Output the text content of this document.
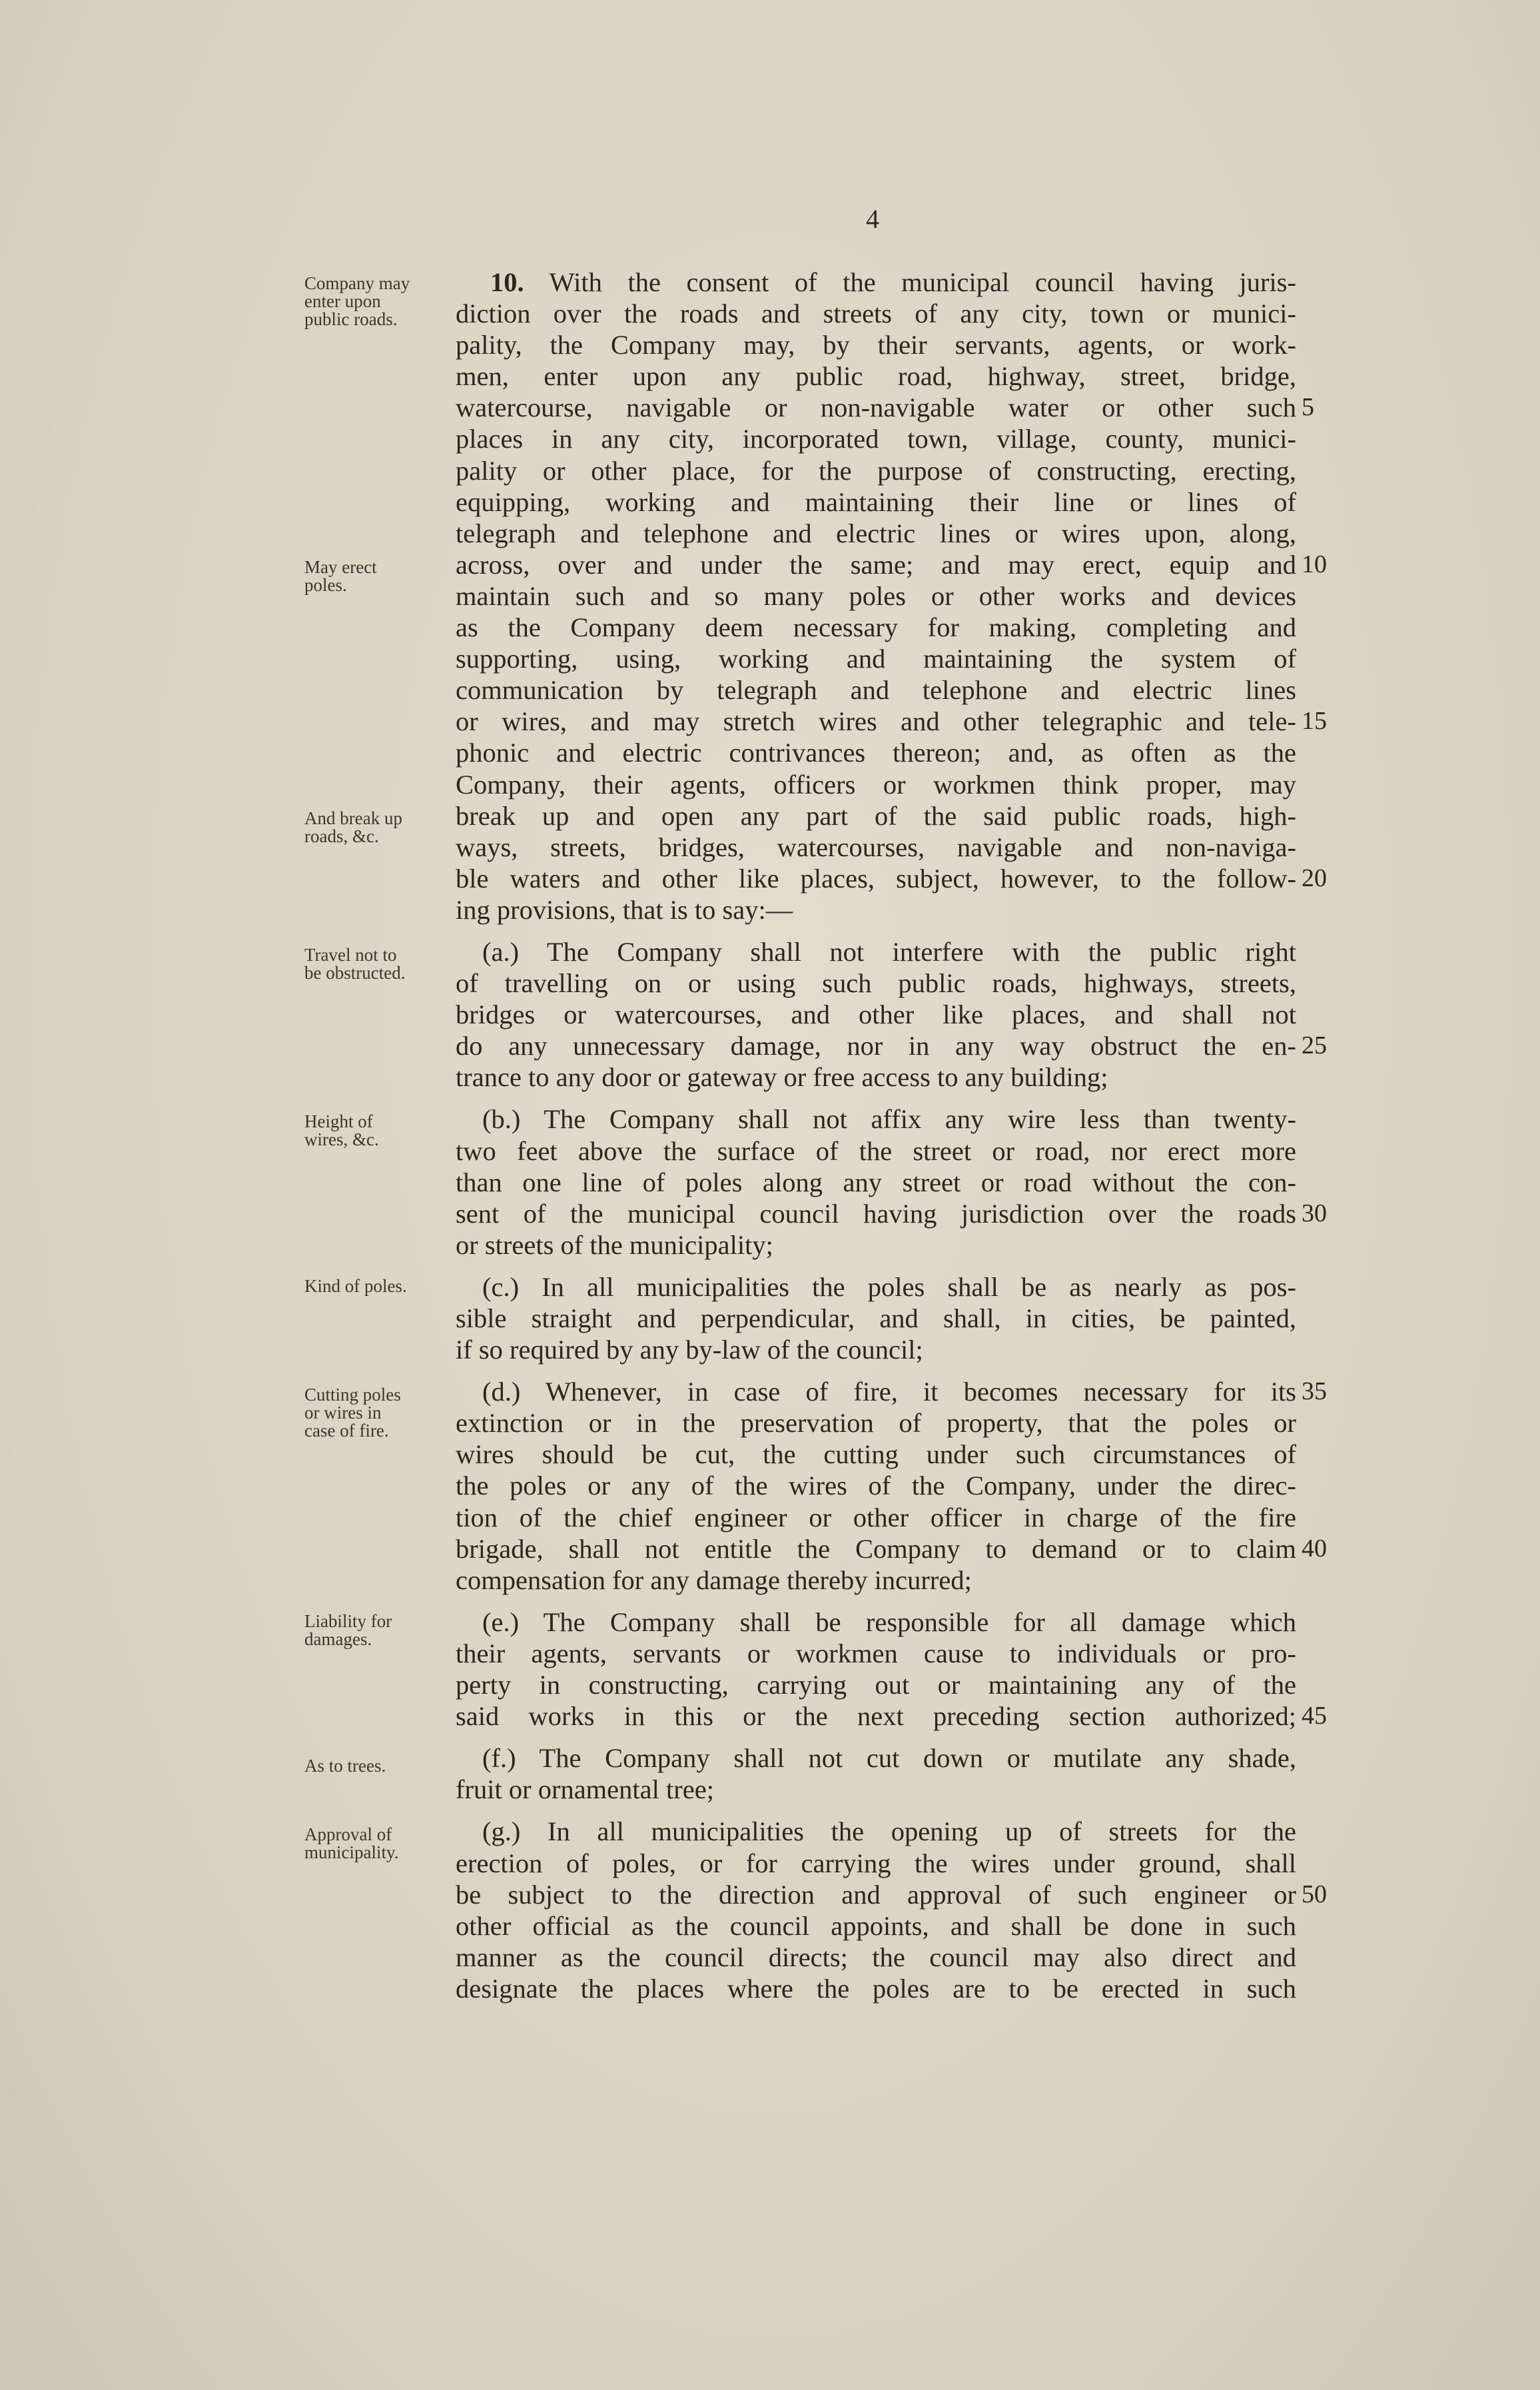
4
Company may
enter upon
public roads.
May erect
poles.
And break up
roads, &c.
Travel not to
be obstructed.
Height of
wires, &c.
Kind of poles.
Cutting poles
or wires in
case of fire.
Liability for
damages.
As to trees.
Approval of
municipality.
10. With the consent of the municipal council having juris-
diction over the roads and streets of any city, town or munici-
pality, the Company may, by their servants, agents, or work-
men, enter upon any public road, highway, street, bridge,
watercourse, navigable or non-navigable water or other such 5
places in any city, incorporated town, village, county, munici-
pality or other place, for the purpose of constructing, erecting,
equipping, working and maintaining their line or lines of
telegraph and telephone and electric lines or wires upon, along,
across, over and under the same; and may erect, equip and 10
maintain such and so many poles or other works and devices
as the Company deem necessary for making, completing and
supporting, using, working and maintaining the system of
communication by telegraph and telephone and electric lines
or wires, and may stretch wires and other telegraphic and tele- 15
phonic and electric contrivances thereon; and, as often as the
Company, their agents, officers or workmen think proper, may
break up and open any part of the said public roads, high-
ways, streets, bridges, watercourses, navigable and non-naviga-
ble waters and other like places, subject, however, to the follow- 20
ing provisions, that is to say:—
(a.) The Company shall not interfere with the public right
of travelling on or using such public roads, highways, streets,
bridges or watercourses, and other like places, and shall not
do any unnecessary damage, nor in any way obstruct the en- 25
trance to any door or gateway or free access to any building;
(b.) The Company shall not affix any wire less than twenty-
two feet above the surface of the street or road, nor erect more
than one line of poles along any street or road without the con-
sent of the municipal council having jurisdiction over the roads 30
or streets of the municipality;
(c.) In all municipalities the poles shall be as nearly as pos-
sible straight and perpendicular, and shall, in cities, be painted,
if so required by any by-law of the council;
(d.) Whenever, in case of fire, it becomes necessary for its 35
extinction or in the preservation of property, that the poles or
wires should be cut, the cutting under such circumstances of
the poles or any of the wires of the Company, under the direc-
tion of the chief engineer or other officer in charge of the fire
brigade, shall not entitle the Company to demand or to claim 40
compensation for any damage thereby incurred;
(e.) The Company shall be responsible for all damage which
their agents, servants or workmen cause to individuals or pro-
perty in constructing, carrying out or maintaining any of the
said works in this or the next preceding section authorized; 45
(f.) The Company shall not cut down or mutilate any shade,
fruit or ornamental tree;
(g.) In all municipalities the opening up of streets for the
erection of poles, or for carrying the wires under ground, shall
be subject to the direction and approval of such engineer or 50
other official as the council appoints, and shall be done in such
manner as the council directs; the council may also direct and
designate the places where the poles are to be erected in such
